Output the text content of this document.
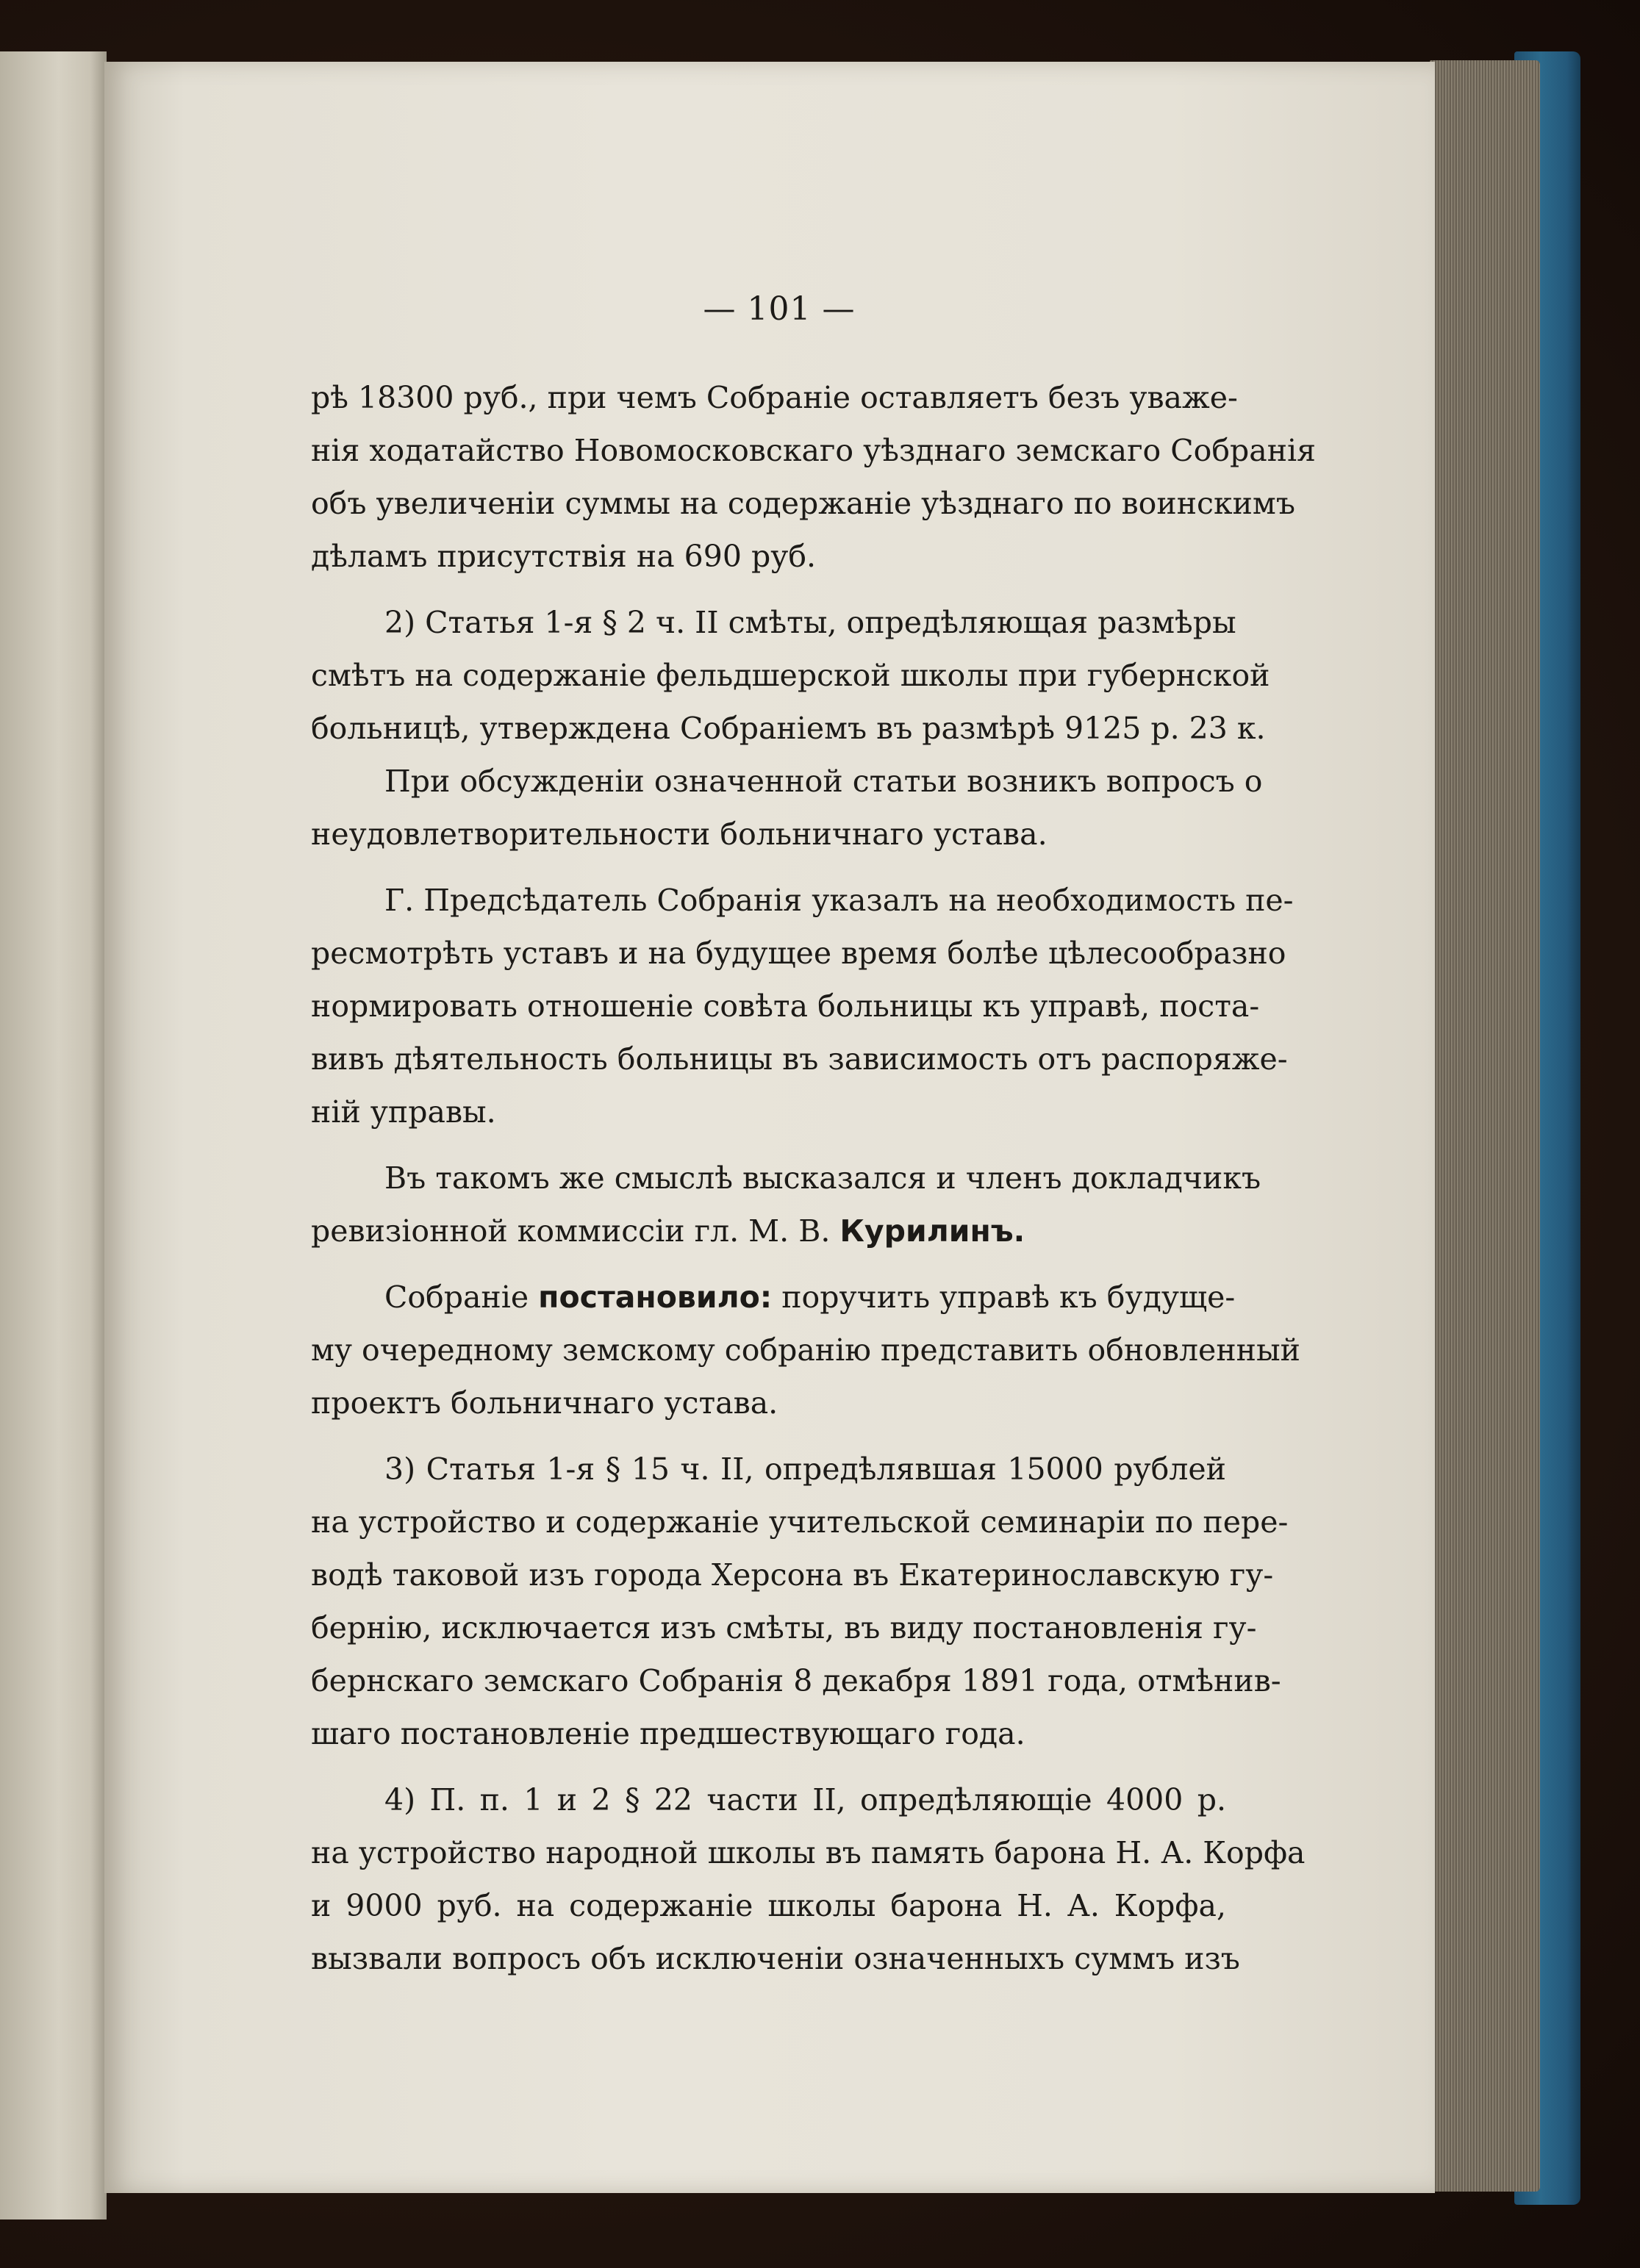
— 101 —
рѣ 18300 руб., при чемъ Собраніе оставляетъ безъ уваже-
нія ходатайство Новомосковскаго уѣзднаго земскаго Собранія
объ увеличеніи суммы на содержаніе уѣзднаго по воинскимъ
дѣламъ присутствія на 690 руб.
2) Статья 1-я § 2 ч. II смѣты, опредѣляющая размѣры
смѣтъ на содержаніе фельдшерской школы при губернской
больницѣ, утверждена Собраніемъ въ размѣрѣ 9125 р. 23 к.
При обсужденіи означенной статьи возникъ вопросъ о
неудовлетворительности больничнаго устава.
Г. Предсѣдатель Собранія указалъ на необходимость пе-
ресмотрѣть уставъ и на будущее время болѣе цѣлесообразно
нормировать отношеніе совѣта больницы къ управѣ, поста-
вивъ дѣятельность больницы въ зависимость отъ распоряже-
ній управы.
Въ такомъ же смыслѣ высказался и членъ докладчикъ
ревизіонной коммиссіи гл. М. В. Курилинъ.
Собраніе постановило: поручить управѣ къ будуще-
му очередному земскому собранію представить обновленный
проектъ больничнаго устава.
3) Статья 1-я § 15 ч. II, опредѣлявшая 15000 рублей
на устройство и содержаніе учительской семинаріи по пере-
водѣ таковой изъ города Херсона въ Екатеринославскую гу-
бернію, исключается изъ смѣты, въ виду постановленія гу-
бернскаго земскаго Собранія 8 декабря 1891 года, отмѣнив-
шаго постановленіе предшествующаго года.
4) П. п. 1 и 2 § 22 части II, опредѣляющіе 4000 р.
на устройство народной школы въ память барона Н. А. Корфа
и 9000 руб. на содержаніе школы барона Н. А. Корфа,
вызвали вопросъ объ исключеніи означенныхъ суммъ изъ
